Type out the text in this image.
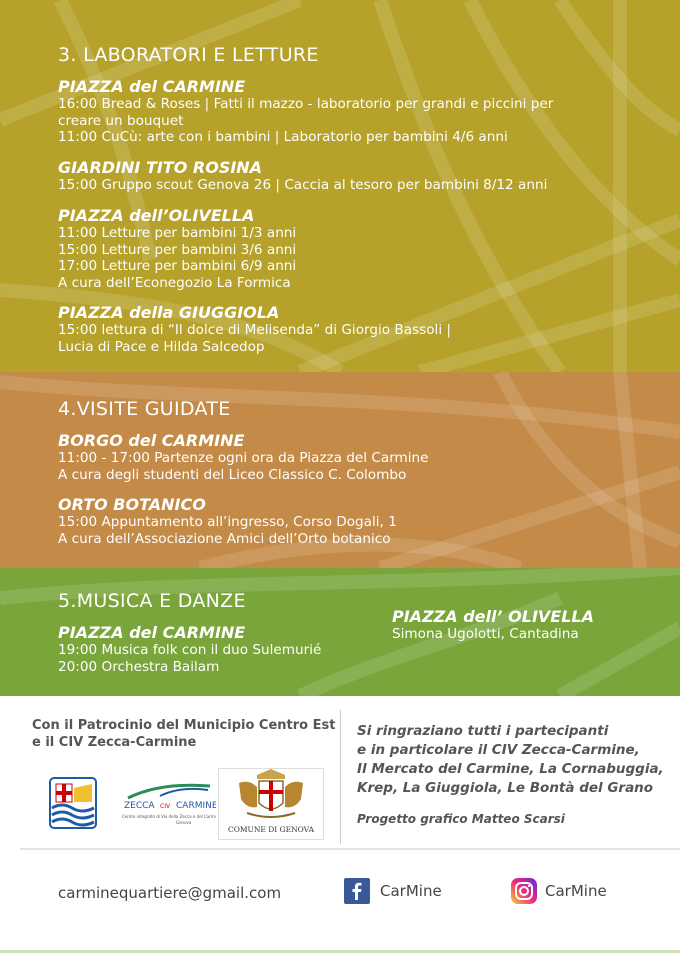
3. LABORATORI E LETTURE
PIAZZA del CARMINE
16:00 Bread & Roses | Fatti il mazzo - laboratorio per grandi e piccini per
creare un bouquet
11:00 CuCù: arte con i bambini | Laboratorio per bambini 4/6 anni
GIARDINI TITO ROSINA
15:00 Gruppo scout Genova 26 | Caccia al tesoro per bambini 8/12 anni
PIAZZA dell’OLIVELLA
11:00 Letture per bambini 1/3 anni
15:00 Letture per bambini 3/6 anni
17:00 Letture per bambini 6/9 anni
A cura dell’Econegozio La Formica
PIAZZA della GIUGGIOLA
15:00 lettura di “Il dolce di Melisenda” di Giorgio Bassoli |
Lucia di Pace e Hilda Salcedop
4.VISITE GUIDATE
BORGO del CARMINE
11:00 - 17:00 Partenze ogni ora da Piazza del Carmine
A cura degli studenti del Liceo Classico C. Colombo
ORTO BOTANICO
15:00 Appuntamento all’ingresso, Corso Dogali, 1
A cura dell’Associazione Amici dell’Orto botanico
5.MUSICA E DANZE
PIAZZA del CARMINE
19:00 Musica folk con il duo Sulemurié
20:00 Orchestra Bailam
PIAZZA dell’ OLIVELLA
Simona Ugolotti, Cantadina
Con il Patrocinio del Municipio Centro Est
e il CIV Zecca-Carmine
ZECCA CIV CARMINE
Centro integrato di Via della Zecca e del Carmine
Genova
COMUNE DI GENOVA
Si ringraziano tutti i partecipanti
e in particolare il CIV Zecca-Carmine,
Il Mercato del Carmine, La Cornabuggia,
Krep, La Giuggiola, Le Bontà del Grano
Progetto grafico Matteo Scarsi
carminequartiere@gmail.com	CarMine	CarMine
